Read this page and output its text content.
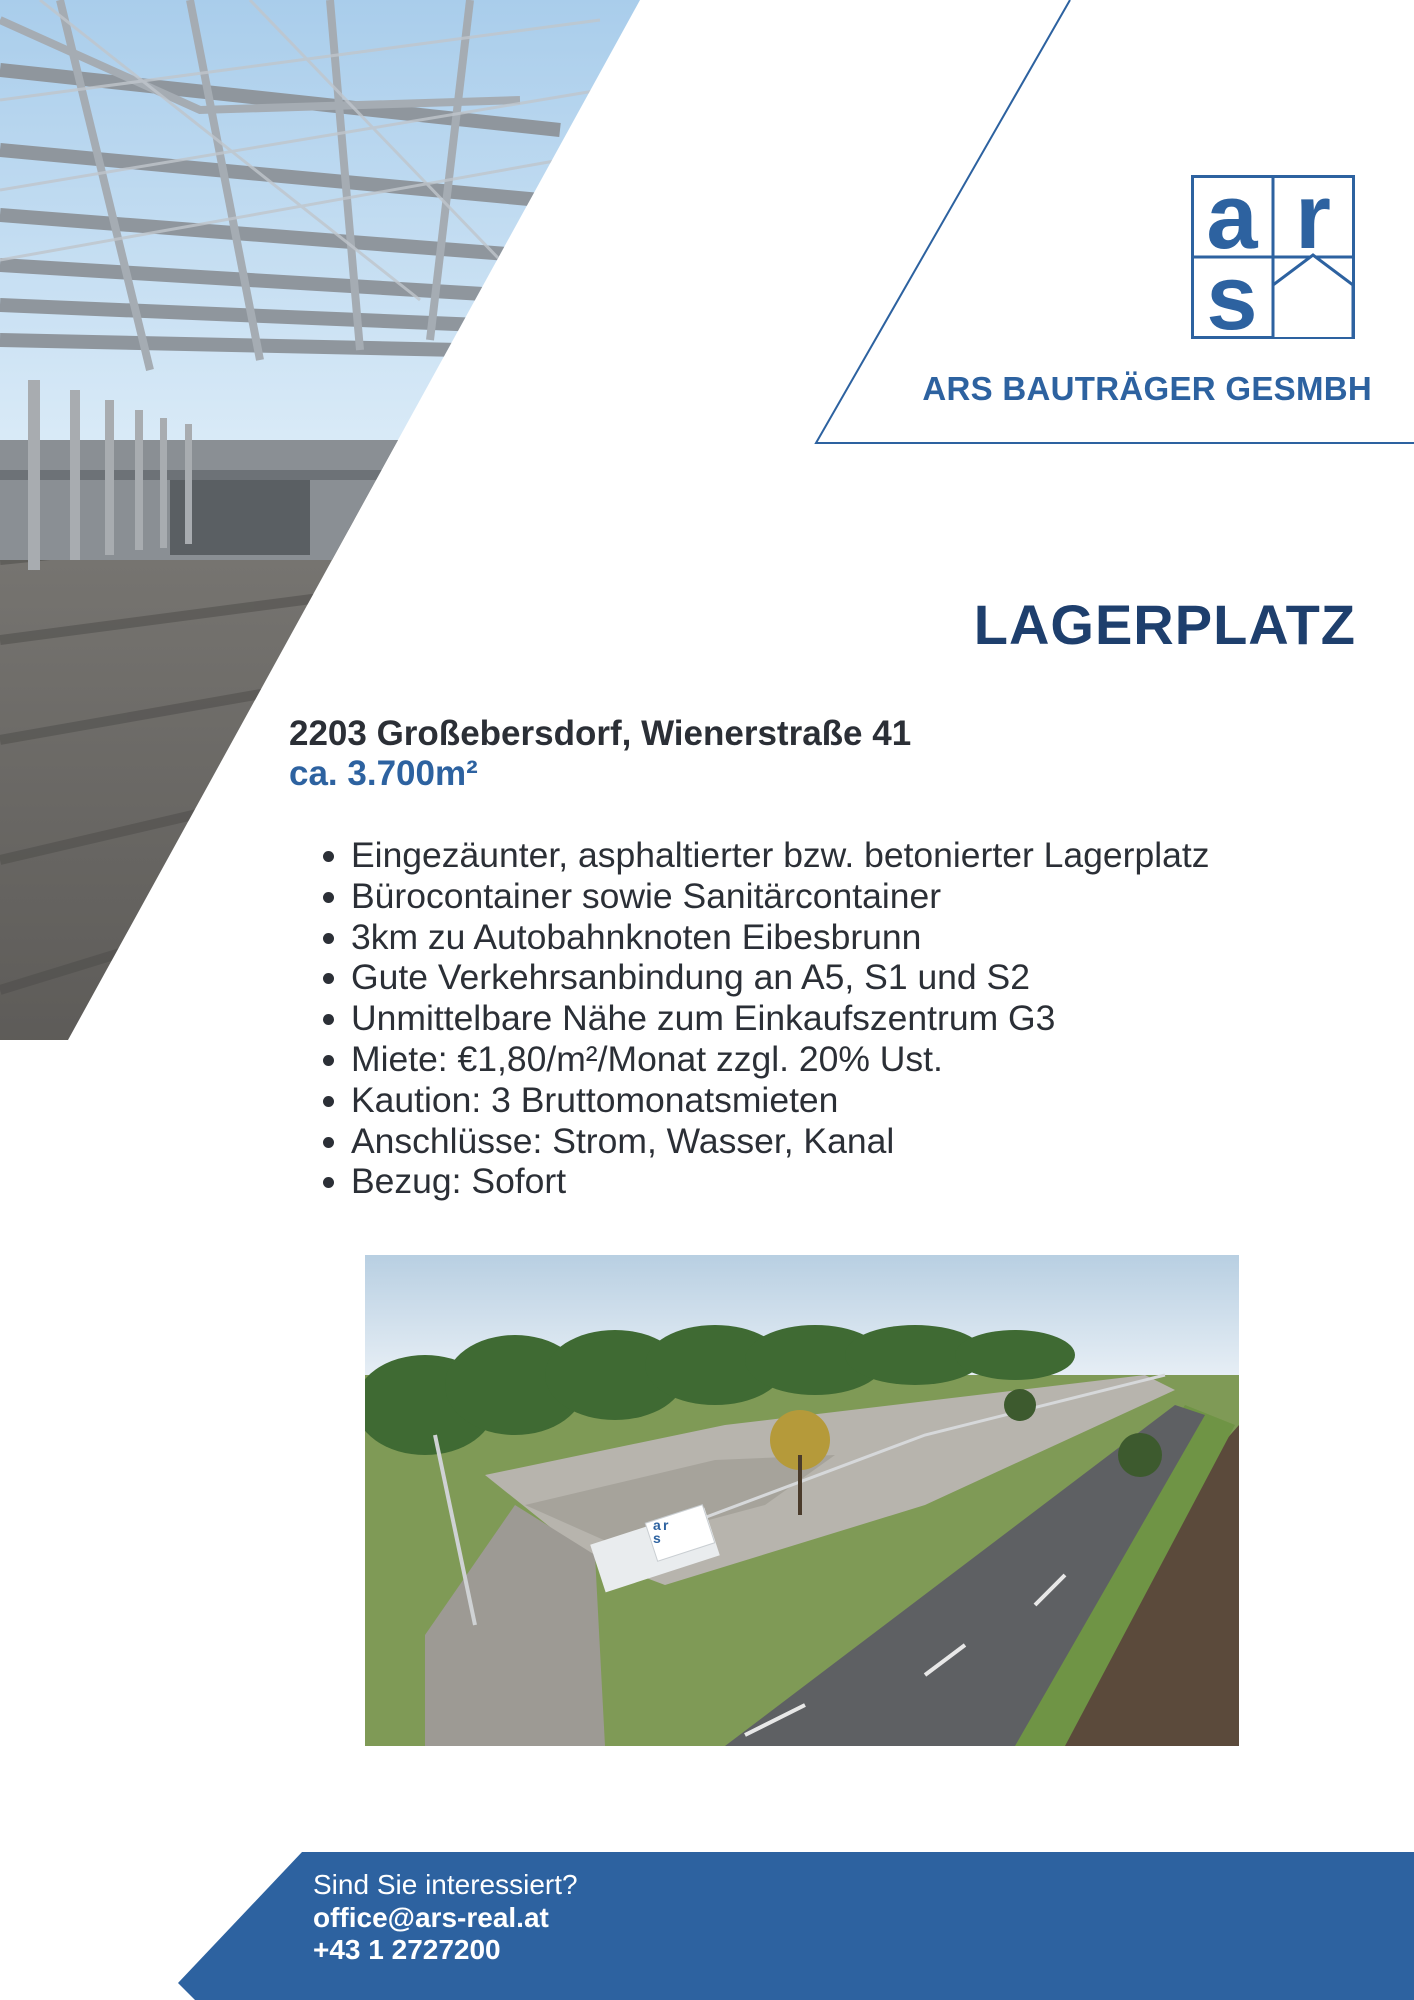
a r
s
ARS BAUTRÄGER GESMBH
LAGERPLATZ
2203 Großebersdorf, Wienerstraße 41
ca. 3.700m²
• Eingezäunter, asphaltierter bzw. betonierter Lagerplatz
• Bürocontainer sowie Sanitärcontainer
• 3km zu Autobahnknoten Eibesbrunn
• Gute Verkehrsanbindung an A5, S1 und S2
• Unmittelbare Nähe zum Einkaufszentrum G3
• Miete: €1,80/m²/Monat zzgl. 20% Ust.
• Kaution: 3 Bruttomonatsmieten
• Anschlüsse: Strom, Wasser, Kanal
• Bezug: Sofort
a r
s
Sind Sie interessiert?
office@ars-real.at
+43 1 2727200
